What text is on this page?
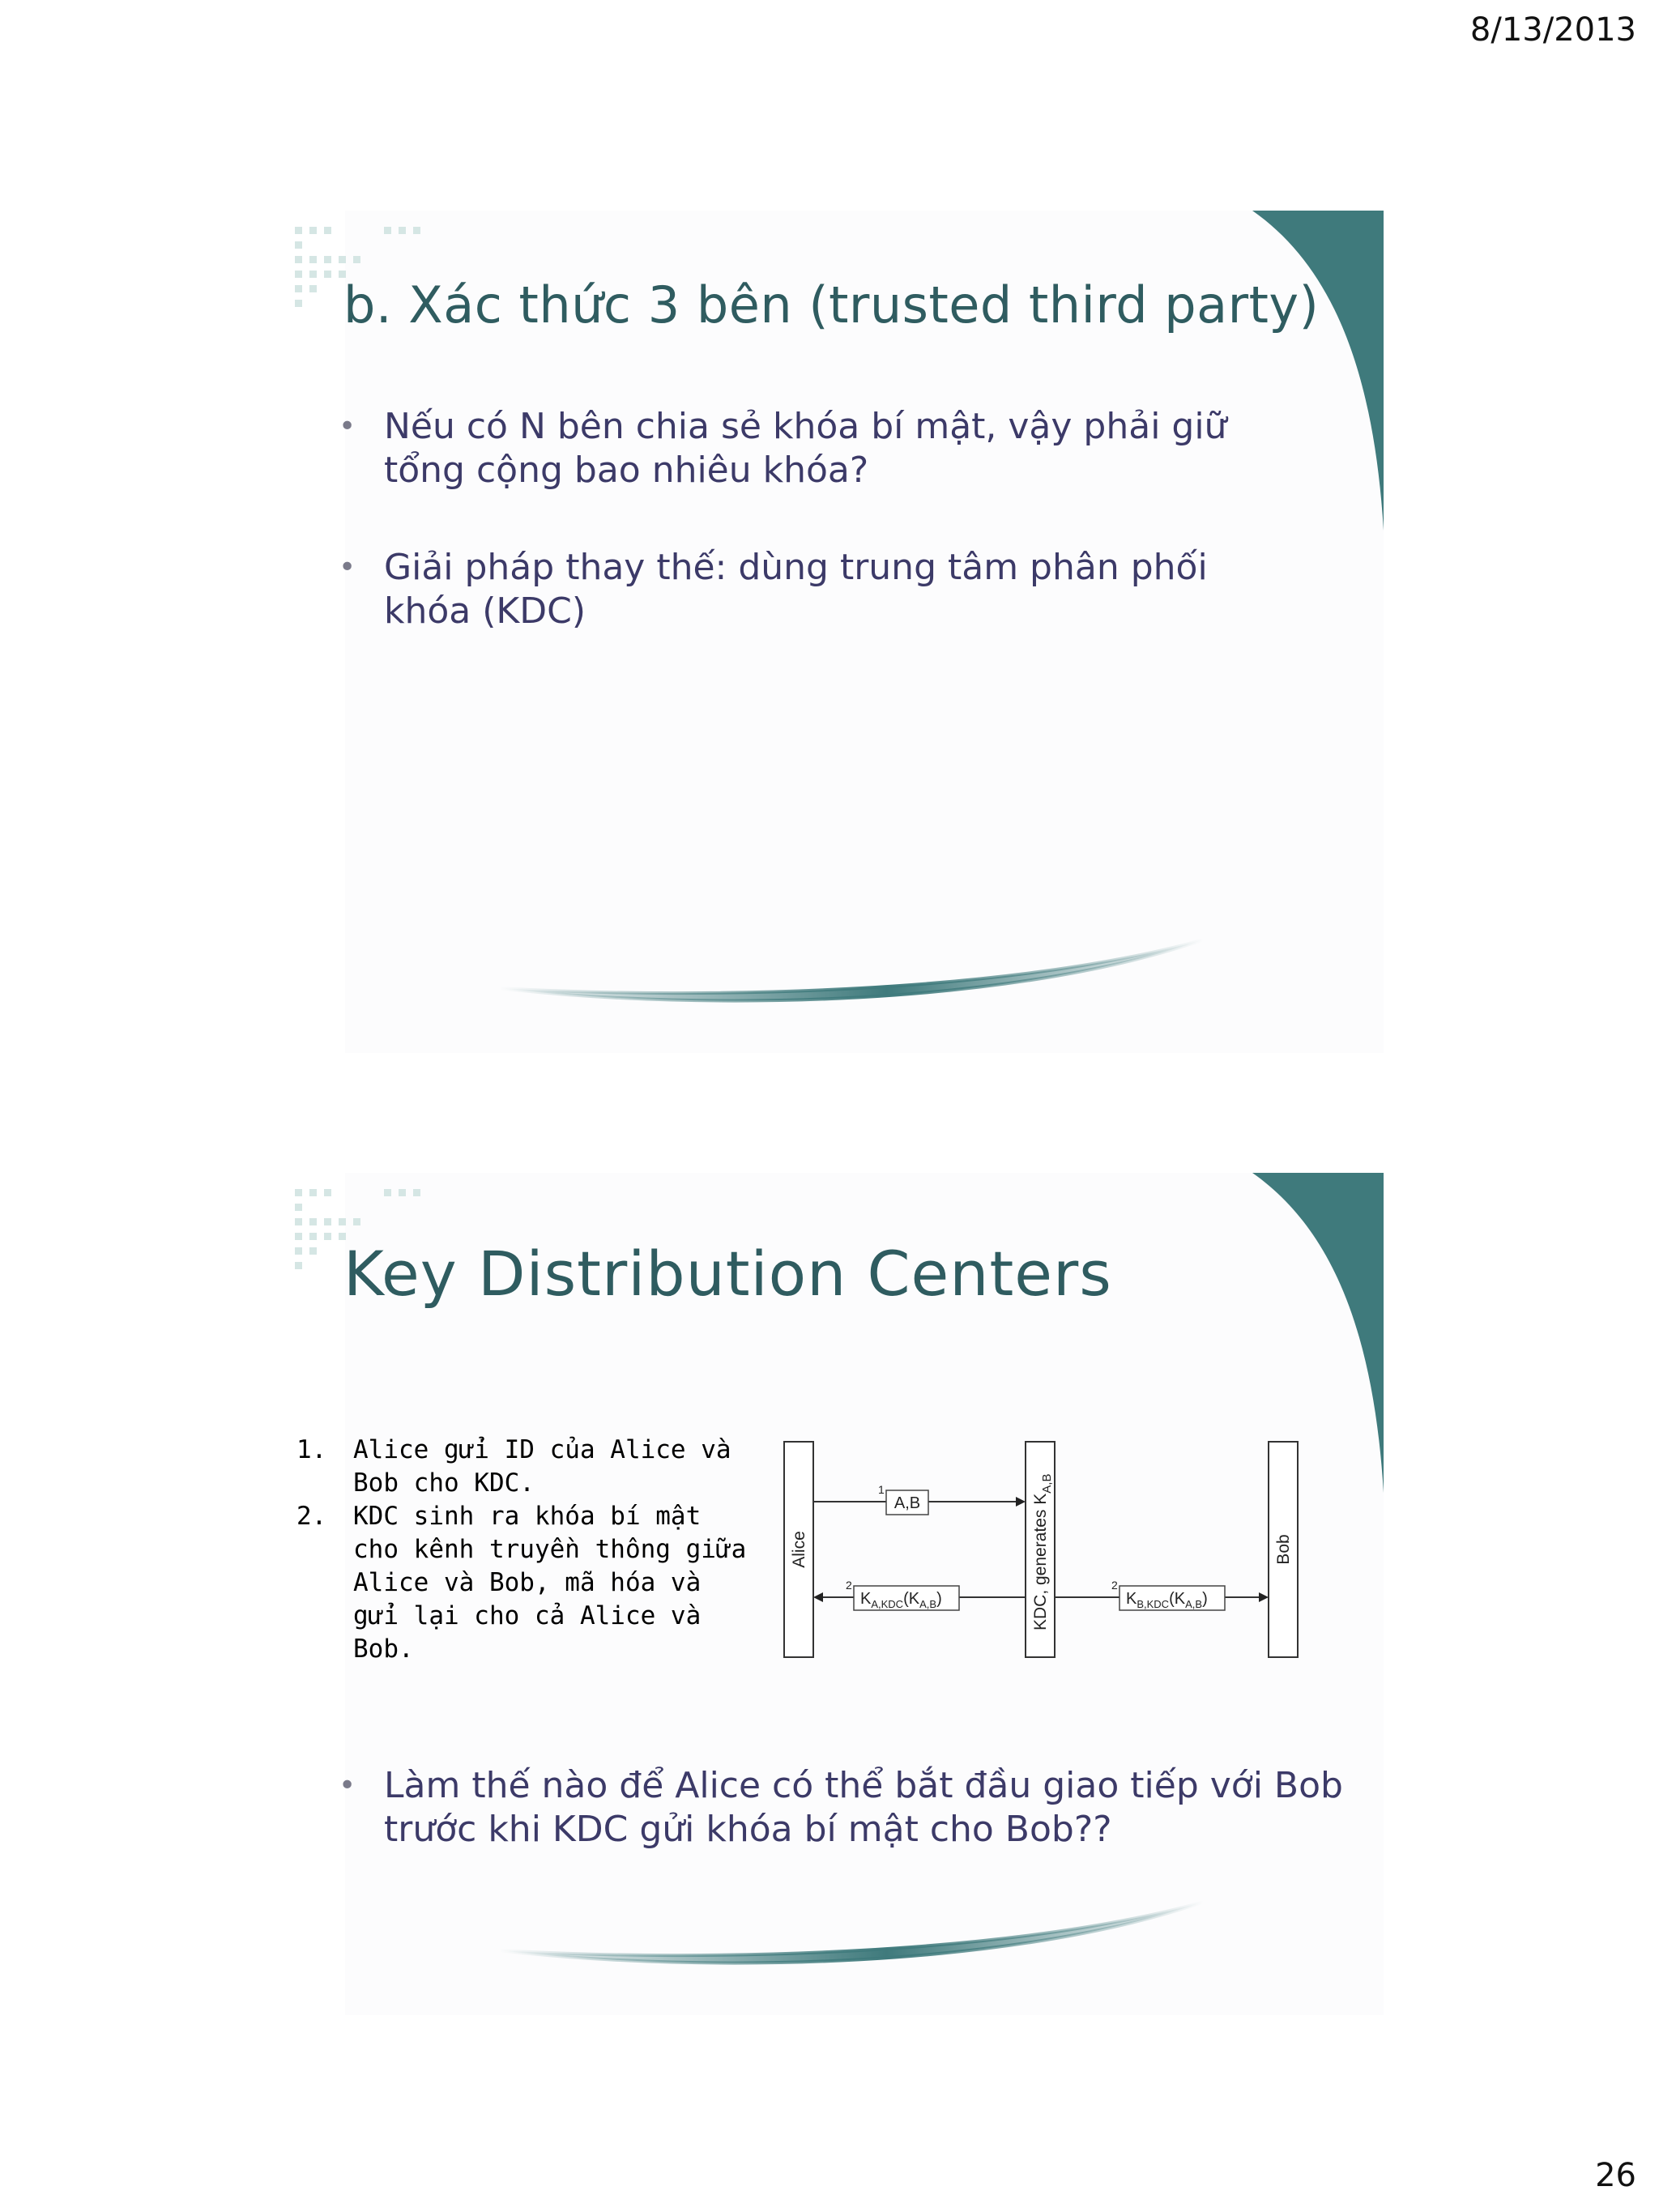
8/13/2013
b. Xác thức 3 bên (trusted third party)
• Nếu có N bên chia sẻ khóa bí mật, vậy phải giữ tổng cộng bao nhiêu khóa?
• Giải pháp thay thế: dùng trung tâm phân phối khóa (KDC)
Key Distribution Centers
1. Alice gửi ID của Alice và Bob cho KDC.
2. KDC sinh ra khóa bí mật cho kênh truyền thông giữa Alice và Bob, mã hóa và gửi lại cho cả Alice và Bob.
Alice	KDC, generates $K_{A,B}$
Bob
1
A,B
2
$K_{A,KDC}(K_{A,B})$
2
$K_{B,KDC}(K_{A,B})$
• Làm thế nào để Alice có thể bắt đầu giao tiếp với Bob trước khi KDC gửi khóa bí mật cho Bob??
26
